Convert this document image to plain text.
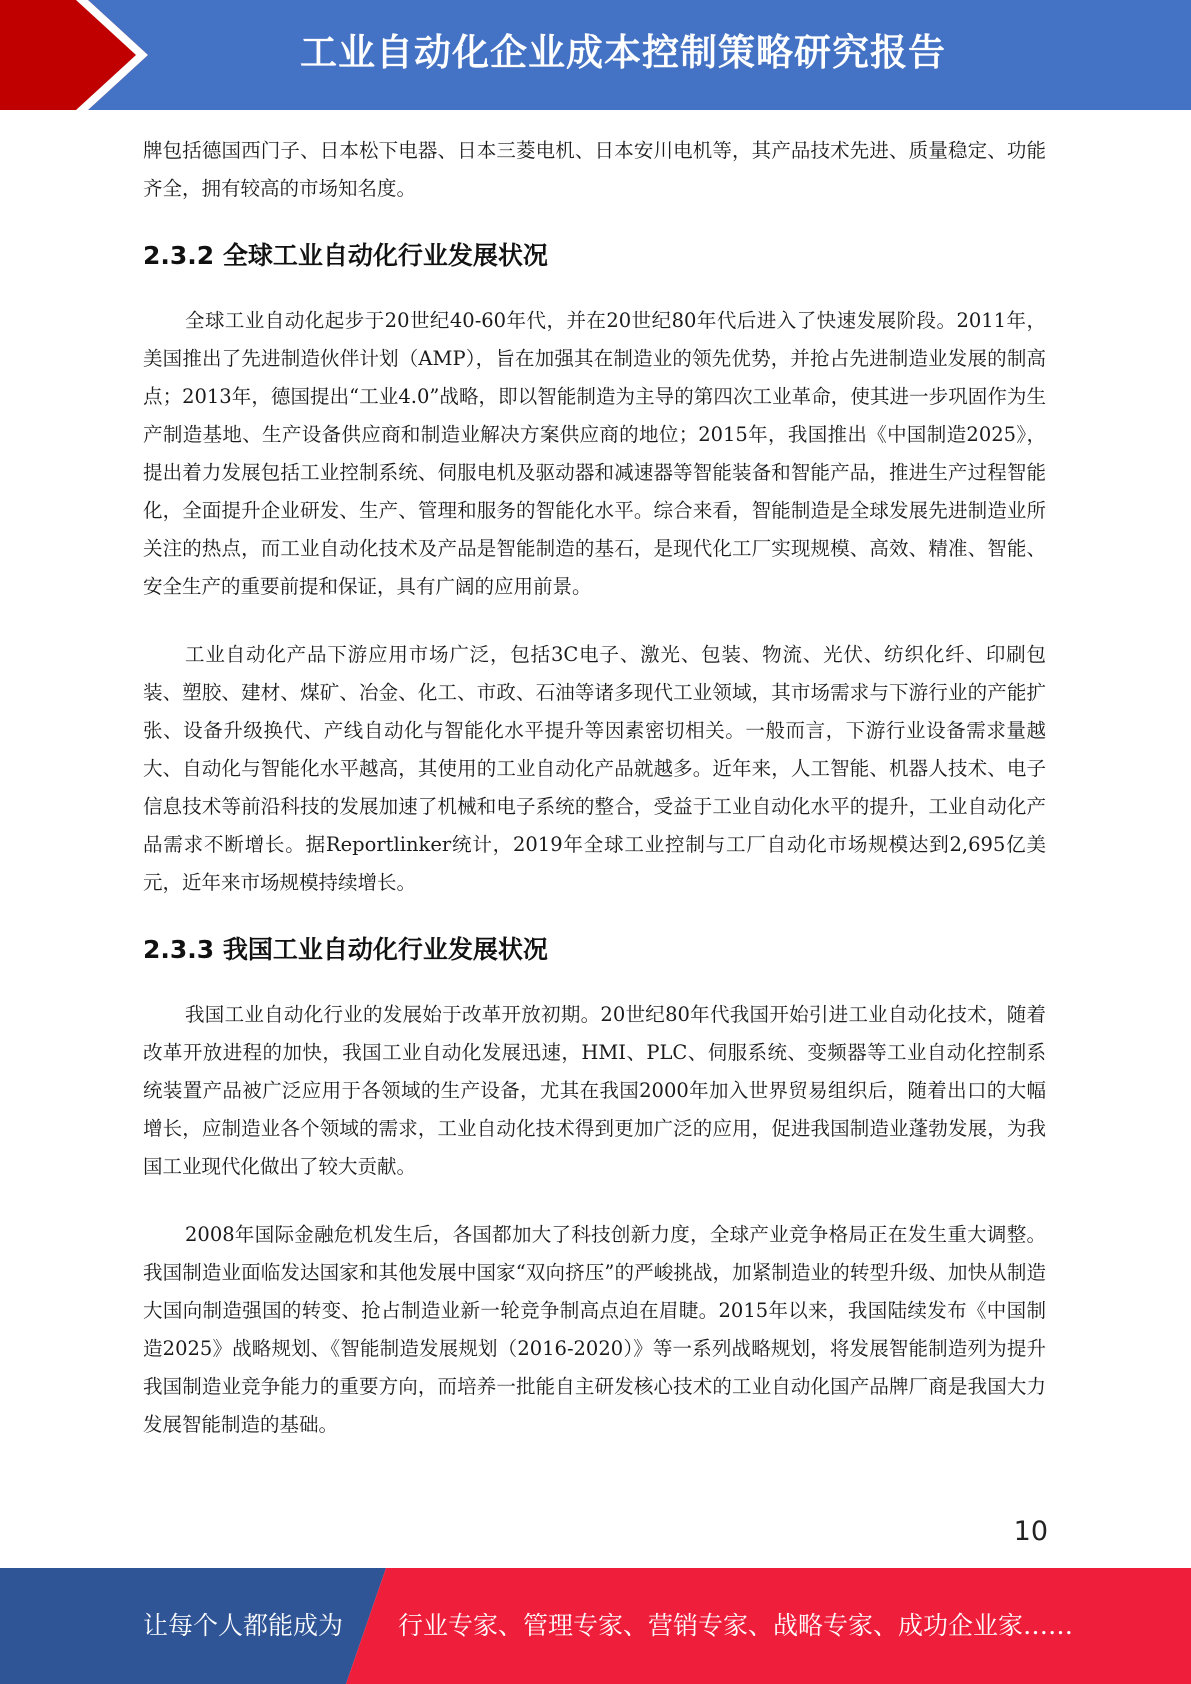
工业自动化企业成本控制策略研究报告

牌包括德国西门子、日本松下电器、日本三菱电机、日本安川电机等，其产品技术先进、质量稳定、功能齐全，拥有较高的市场知名度。

2.3.2 全球工业自动化行业发展状况

全球工业自动化起步于20世纪40-60年代，并在20世纪80年代后进入了快速发展阶段。2011年，美国推出了先进制造伙伴计划（AMP），旨在加强其在制造业的领先优势，并抢占先进制造业发展的制高点；2013年，德国提出“工业4.0”战略，即以智能制造为主导的第四次工业革命，使其进一步巩固作为生产制造基地、生产设备供应商和制造业解决方案供应商的地位；2015年，我国推出《中国制造2025》，提出着力发展包括工业控制系统、伺服电机及驱动器和减速器等智能装备和智能产品，推进生产过程智能化，全面提升企业研发、生产、管理和服务的智能化水平。综合来看，智能制造是全球发展先进制造业所关注的热点，而工业自动化技术及产品是智能制造的基石，是现代化工厂实现规模、高效、精准、智能、安全生产的重要前提和保证，具有广阔的应用前景。

工业自动化产品下游应用市场广泛，包括3C电子、激光、包装、物流、光伏、纺织化纤、印刷包装、塑胶、建材、煤矿、冶金、化工、市政、石油等诸多现代工业领域，其市场需求与下游行业的产能扩张、设备升级换代、产线自动化与智能化水平提升等因素密切相关。一般而言，下游行业设备需求量越大、自动化与智能化水平越高，其使用的工业自动化产品就越多。近年来，人工智能、机器人技术、电子信息技术等前沿科技的发展加速了机械和电子系统的整合，受益于工业自动化水平的提升，工业自动化产品需求不断增长。据Reportlinker统计，2019年全球工业控制与工厂自动化市场规模达到2,695亿美元，近年来市场规模持续增长。

2.3.3 我国工业自动化行业发展状况

我国工业自动化行业的发展始于改革开放初期。20世纪80年代我国开始引进工业自动化技术，随着改革开放进程的加快，我国工业自动化发展迅速，HMI、PLC、伺服系统、变频器等工业自动化控制系统装置产品被广泛应用于各领域的生产设备，尤其在我国2000年加入世界贸易组织后，随着出口的大幅增长，应制造业各个领域的需求，工业自动化技术得到更加广泛的应用，促进我国制造业蓬勃发展，为我国工业现代化做出了较大贡献。

2008年国际金融危机发生后，各国都加大了科技创新力度，全球产业竞争格局正在发生重大调整。我国制造业面临发达国家和其他发展中国家“双向挤压”的严峻挑战，加紧制造业的转型升级、加快从制造大国向制造强国的转变、抢占制造业新一轮竞争制高点迫在眉睫。2015年以来，我国陆续发布《中国制造2025》战略规划、《智能制造发展规划（2016-2020）》等一系列战略规划，将发展智能制造列为提升我国制造业竞争能力的重要方向，而培养一批能自主研发核心技术的工业自动化国产品牌厂商是我国大力发展智能制造的基础。

10
让每个人都能成为 行业专家、管理专家、营销专家、战略专家、成功企业家……
